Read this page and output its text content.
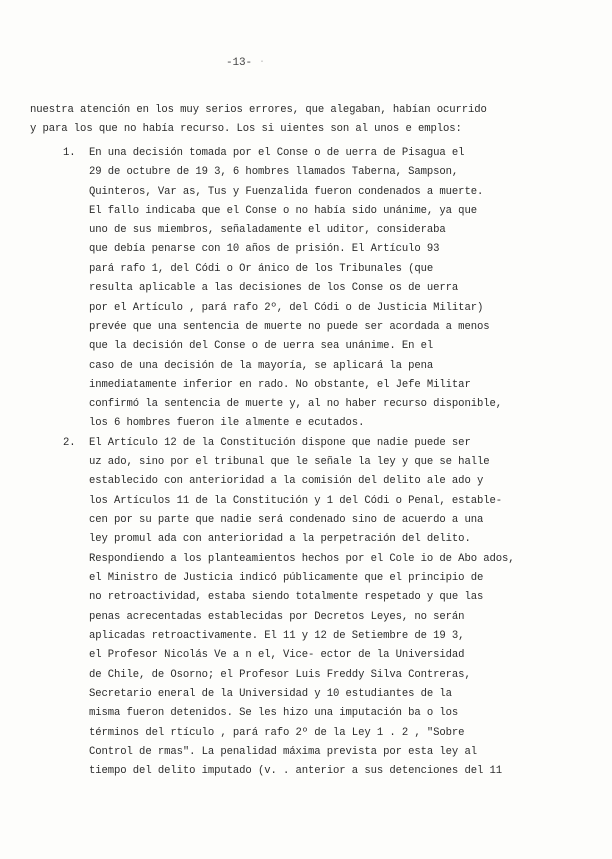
-13- ·
nuestra atención en los muy serios errores, que alegaban, habían ocurrido
y para los que no había recurso. Los si uientes son al unos e emplos:
1. En una decisión tomada por el Conse o de uerra de Pisagua el
29 de octubre de 19 3, 6 hombres llamados Taberna, Sampson,
Quinteros, Var as, Tus y Fuenzalida fueron condenados a muerte.
El fallo indicaba que el Conse o no había sido unánime, ya que
uno de sus miembros, señaladamente el uditor, consideraba
que debía penarse con 10 años de prisión. El Artículo 93
pará rafo 1, del Códi o Or ánico de los Tribunales (que
resulta aplicable a las decisiones de los Conse os de uerra
por el Artículo , pará rafo 2º, del Códi o de Justicia Militar)
prevée que una sentencia de muerte no puede ser acordada a menos
que la decisión del Conse o de uerra sea unánime. En el
caso de una decisión de la mayoría, se aplicará la pena
inmediatamente inferior en rado. No obstante, el Jefe Militar
confirmó la sentencia de muerte y, al no haber recurso disponible,
los 6 hombres fueron ile almente e ecutados.
2. El Artículo 12 de la Constitución dispone que nadie puede ser
uz ado, sino por el tribunal que le señale la ley y que se halle
establecido con anterioridad a la comisión del delito ale ado y
los Artículos 11 de la Constitución y 1 del Códi o Penal, estable-
cen por su parte que nadie será condenado sino de acuerdo a una
ley promul ada con anterioridad a la perpetración del delito.
Respondiendo a los planteamientos hechos por el Cole io de Abo ados,
el Ministro de Justicia indicó públicamente que el principio de
no retroactividad, estaba siendo totalmente respetado y que las
penas acrecentadas establecidas por Decretos Leyes, no serán
aplicadas retroactivamente. El 11 y 12 de Setiembre de 19 3,
el Profesor Nicolás Ve a n el, Vice- ector de la Universidad
de Chile, de Osorno; el Profesor Luis Freddy Silva Contreras,
Secretario eneral de la Universidad y 10 estudiantes de la
misma fueron detenidos. Se les hizo una imputación ba o los
términos del rtículo , pará rafo 2º de la Ley 1 . 2 , "Sobre
Control de rmas". La penalidad máxima prevista por esta ley al
tiempo del delito imputado (v. . anterior a sus detenciones del 11
